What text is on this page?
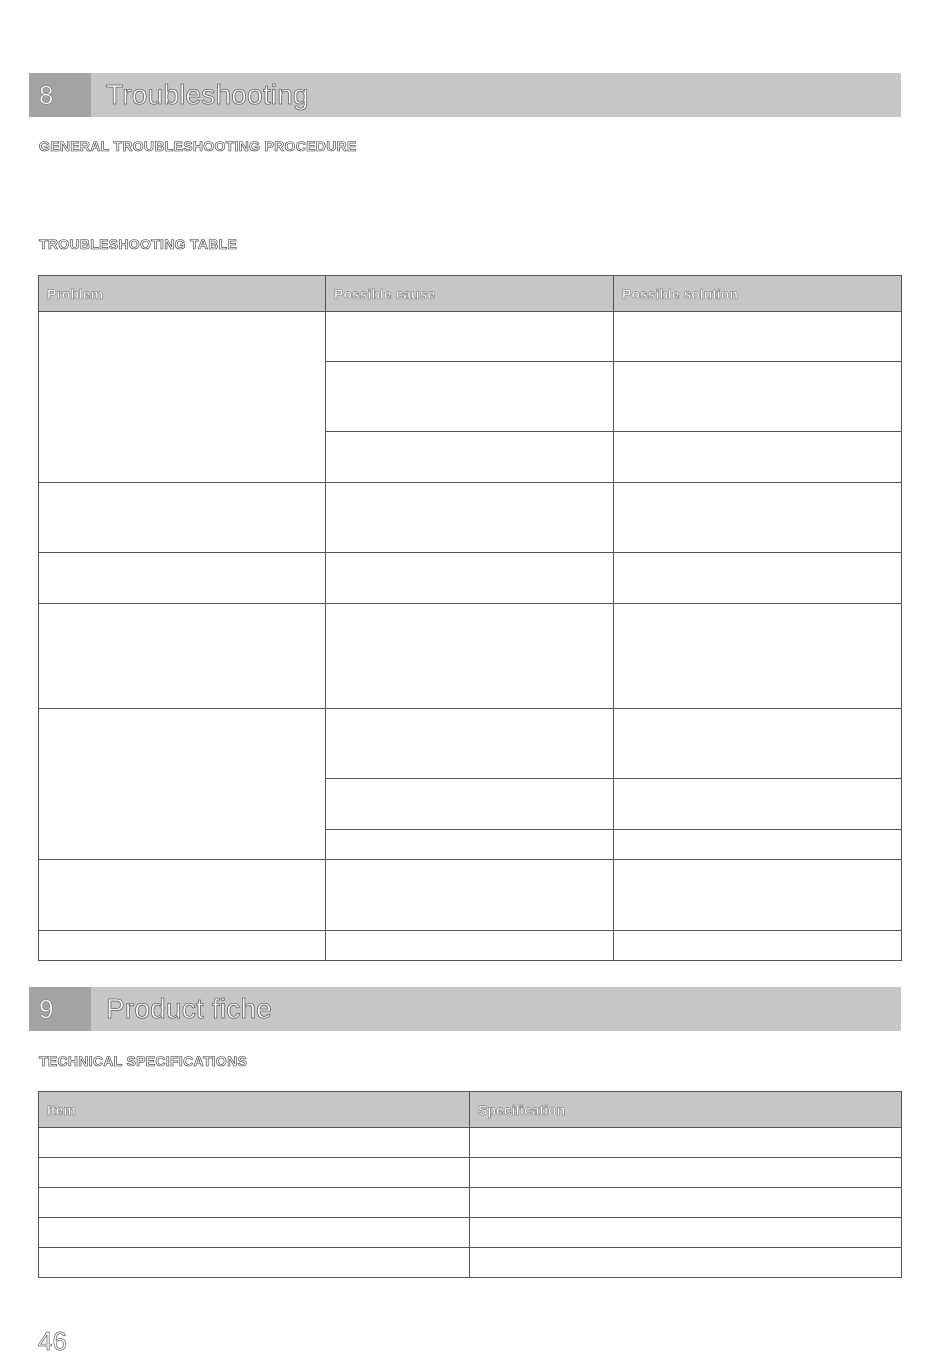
8	Troubleshooting
GENERAL TROUBLESHOOTING PROCEDURE
TROUBLESHOOTING TABLE
Problem	Possible cause	Possible solution

9	Product fiche
TECHNICAL SPECIFICATIONS
Item	Specification

46
